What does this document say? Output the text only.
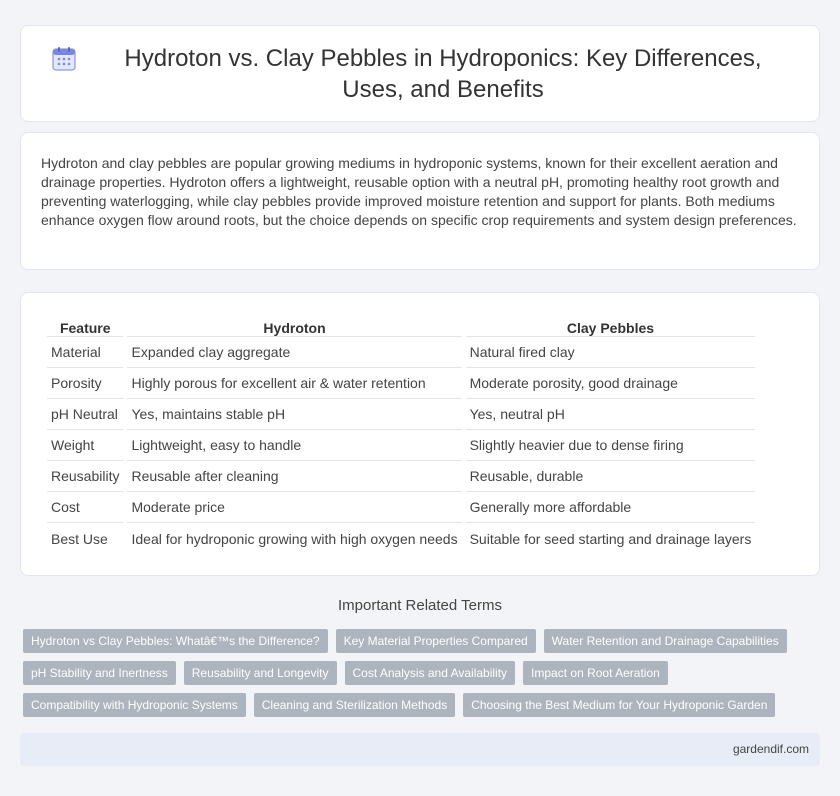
Hydroton vs. Clay Pebbles in Hydroponics: Key Differences, Uses, and Benefits

Hydroton and clay pebbles are popular growing mediums in hydroponic systems, known for their excellent aeration and drainage properties. Hydroton offers a lightweight, reusable option with a neutral pH, promoting healthy root growth and preventing waterlogging, while clay pebbles provide improved moisture retention and support for plants. Both mediums enhance oxygen flow around roots, but the choice depends on specific crop requirements and system design preferences.

Feature	Hydroton	Clay Pebbles
Material	Expanded clay aggregate	Natural fired clay
Porosity	Highly porous for excellent air & water retention	Moderate porosity, good drainage
pH Neutral	Yes, maintains stable pH	Yes, neutral pH
Weight	Lightweight, easy to handle	Slightly heavier due to dense firing
Reusability	Reusable after cleaning	Reusable, durable
Cost	Moderate price	Generally more affordable
Best Use	Ideal for hydroponic growing with high oxygen needs	Suitable for seed starting and drainage layers
Important Related Terms
Hydroton vs Clay Pebbles: Whatâ€™s the Difference?	Key Material Properties Compared	Water Retention and Drainage Capabilities
pH Stability and Inertness	Reusability and Longevity	Cost Analysis and Availability	Impact on Root Aeration
Compatibility with Hydroponic Systems	Cleaning and Sterilization Methods	Choosing the Best Medium for Your Hydroponic Garden
gardendif.com
